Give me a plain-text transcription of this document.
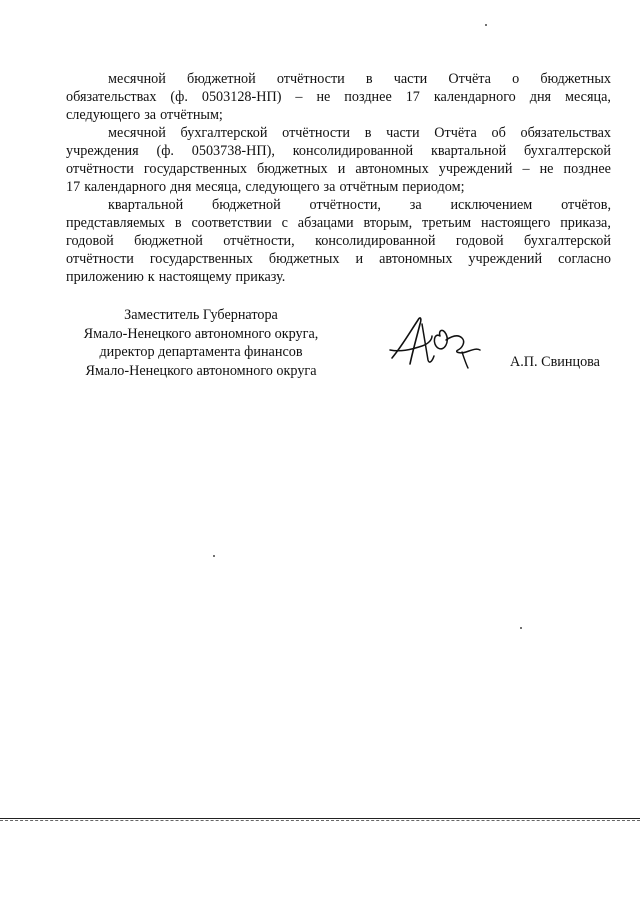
месячной бюджетной отчётности в части Отчёта о бюджетных
обязательствах (ф. 0503128-НП) – не позднее 17 календарного дня месяца,
следующего за отчётным;
месячной бухгалтерской отчётности в части Отчёта об обязательствах
учреждения (ф. 0503738-НП), консолидированной квартальной бухгалтерской
отчётности государственных бюджетных и автономных учреждений – не позднее
17 календарного дня месяца, следующего за отчётным периодом;
квартальной бюджетной отчётности, за исключением отчётов,
представляемых в соответствии с абзацами вторым, третьим настоящего приказа,
годовой бюджетной отчётности, консолидированной годовой бухгалтерской
отчётности государственных бюджетных и автономных учреждений согласно
приложению к настоящему приказу.
Заместитель Губернатора
Ямало-Ненецкого автономного округа,
директор департамента финансов
Ямало-Ненецкого автономного округа
А.П. Свинцова
